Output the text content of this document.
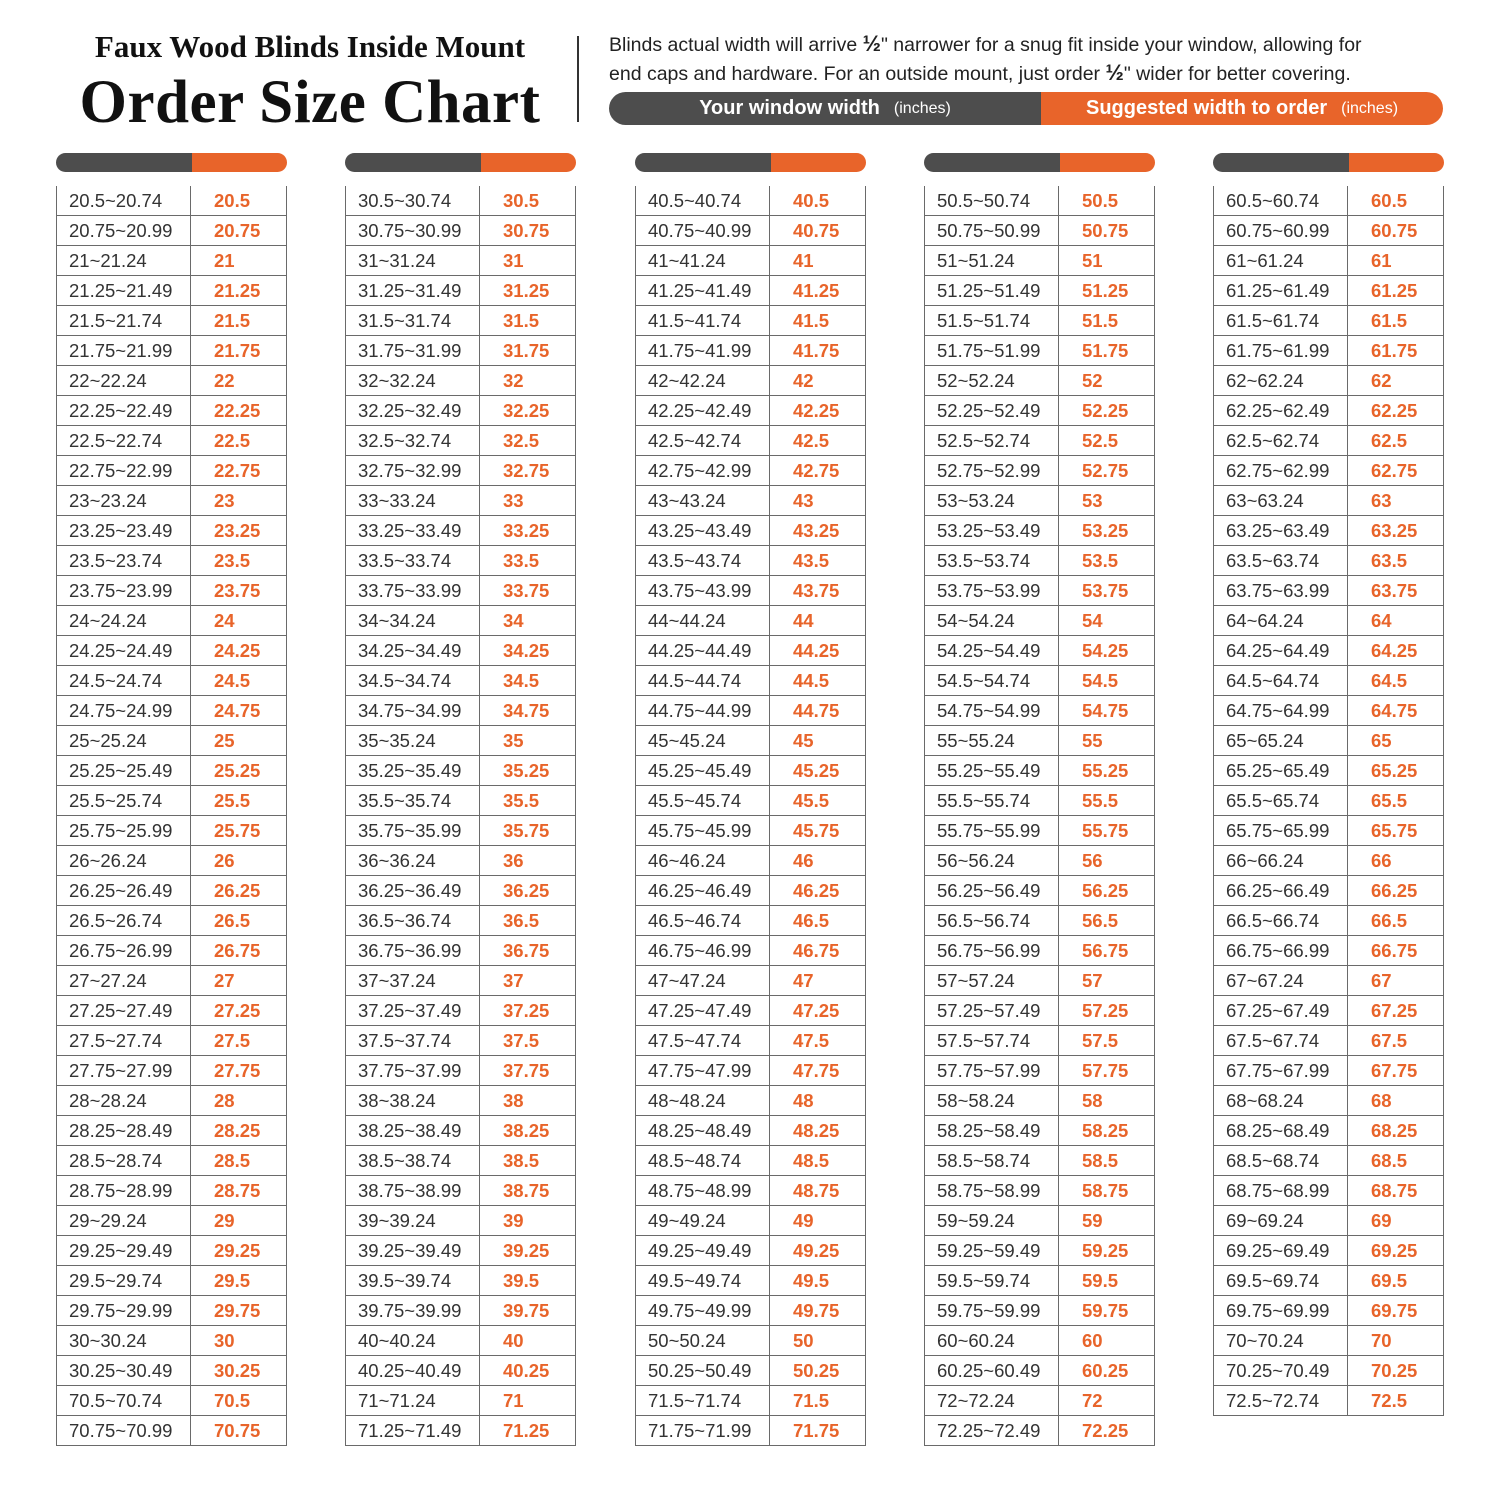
Faux Wood Blinds Inside Mount
Order Size Chart
Blinds actual width will arrive ½" narrower for a snug fit inside your window, allowing for
end caps and hardware. For an outside mount, just order ½" wider for better covering.
Your window width (inches)	Suggested width to order (inches)
20.5~20.74	20.5
20.75~20.99	20.75
21~21.24	21
21.25~21.49	21.25
21.5~21.74	21.5
21.75~21.99	21.75
22~22.24	22
22.25~22.49	22.25
22.5~22.74	22.5
22.75~22.99	22.75
23~23.24	23
23.25~23.49	23.25
23.5~23.74	23.5
23.75~23.99	23.75
24~24.24	24
24.25~24.49	24.25
24.5~24.74	24.5
24.75~24.99	24.75
25~25.24	25
25.25~25.49	25.25
25.5~25.74	25.5
25.75~25.99	25.75
26~26.24	26
26.25~26.49	26.25
26.5~26.74	26.5
26.75~26.99	26.75
27~27.24	27
27.25~27.49	27.25
27.5~27.74	27.5
27.75~27.99	27.75
28~28.24	28
28.25~28.49	28.25
28.5~28.74	28.5
28.75~28.99	28.75
29~29.24	29
29.25~29.49	29.25
29.5~29.74	29.5
29.75~29.99	29.75
30~30.24	30
30.25~30.49	30.25
70.5~70.74	70.5
70.75~70.99	70.75
30.5~30.74	30.5
30.75~30.99	30.75
31~31.24	31
31.25~31.49	31.25
31.5~31.74	31.5
31.75~31.99	31.75
32~32.24	32
32.25~32.49	32.25
32.5~32.74	32.5
32.75~32.99	32.75
33~33.24	33
33.25~33.49	33.25
33.5~33.74	33.5
33.75~33.99	33.75
34~34.24	34
34.25~34.49	34.25
34.5~34.74	34.5
34.75~34.99	34.75
35~35.24	35
35.25~35.49	35.25
35.5~35.74	35.5
35.75~35.99	35.75
36~36.24	36
36.25~36.49	36.25
36.5~36.74	36.5
36.75~36.99	36.75
37~37.24	37
37.25~37.49	37.25
37.5~37.74	37.5
37.75~37.99	37.75
38~38.24	38
38.25~38.49	38.25
38.5~38.74	38.5
38.75~38.99	38.75
39~39.24	39
39.25~39.49	39.25
39.5~39.74	39.5
39.75~39.99	39.75
40~40.24	40
40.25~40.49	40.25
71~71.24	71
71.25~71.49	71.25
40.5~40.74	40.5
40.75~40.99	40.75
41~41.24	41
41.25~41.49	41.25
41.5~41.74	41.5
41.75~41.99	41.75
42~42.24	42
42.25~42.49	42.25
42.5~42.74	42.5
42.75~42.99	42.75
43~43.24	43
43.25~43.49	43.25
43.5~43.74	43.5
43.75~43.99	43.75
44~44.24	44
44.25~44.49	44.25
44.5~44.74	44.5
44.75~44.99	44.75
45~45.24	45
45.25~45.49	45.25
45.5~45.74	45.5
45.75~45.99	45.75
46~46.24	46
46.25~46.49	46.25
46.5~46.74	46.5
46.75~46.99	46.75
47~47.24	47
47.25~47.49	47.25
47.5~47.74	47.5
47.75~47.99	47.75
48~48.24	48
48.25~48.49	48.25
48.5~48.74	48.5
48.75~48.99	48.75
49~49.24	49
49.25~49.49	49.25
49.5~49.74	49.5
49.75~49.99	49.75
50~50.24	50
50.25~50.49	50.25
71.5~71.74	71.5
71.75~71.99	71.75
50.5~50.74	50.5
50.75~50.99	50.75
51~51.24	51
51.25~51.49	51.25
51.5~51.74	51.5
51.75~51.99	51.75
52~52.24	52
52.25~52.49	52.25
52.5~52.74	52.5
52.75~52.99	52.75
53~53.24	53
53.25~53.49	53.25
53.5~53.74	53.5
53.75~53.99	53.75
54~54.24	54
54.25~54.49	54.25
54.5~54.74	54.5
54.75~54.99	54.75
55~55.24	55
55.25~55.49	55.25
55.5~55.74	55.5
55.75~55.99	55.75
56~56.24	56
56.25~56.49	56.25
56.5~56.74	56.5
56.75~56.99	56.75
57~57.24	57
57.25~57.49	57.25
57.5~57.74	57.5
57.75~57.99	57.75
58~58.24	58
58.25~58.49	58.25
58.5~58.74	58.5
58.75~58.99	58.75
59~59.24	59
59.25~59.49	59.25
59.5~59.74	59.5
59.75~59.99	59.75
60~60.24	60
60.25~60.49	60.25
72~72.24	72
72.25~72.49	72.25
60.5~60.74	60.5
60.75~60.99	60.75
61~61.24	61
61.25~61.49	61.25
61.5~61.74	61.5
61.75~61.99	61.75
62~62.24	62
62.25~62.49	62.25
62.5~62.74	62.5
62.75~62.99	62.75
63~63.24	63
63.25~63.49	63.25
63.5~63.74	63.5
63.75~63.99	63.75
64~64.24	64
64.25~64.49	64.25
64.5~64.74	64.5
64.75~64.99	64.75
65~65.24	65
65.25~65.49	65.25
65.5~65.74	65.5
65.75~65.99	65.75
66~66.24	66
66.25~66.49	66.25
66.5~66.74	66.5
66.75~66.99	66.75
67~67.24	67
67.25~67.49	67.25
67.5~67.74	67.5
67.75~67.99	67.75
68~68.24	68
68.25~68.49	68.25
68.5~68.74	68.5
68.75~68.99	68.75
69~69.24	69
69.25~69.49	69.25
69.5~69.74	69.5
69.75~69.99	69.75
70~70.24	70
70.25~70.49	70.25
72.5~72.74	72.5
